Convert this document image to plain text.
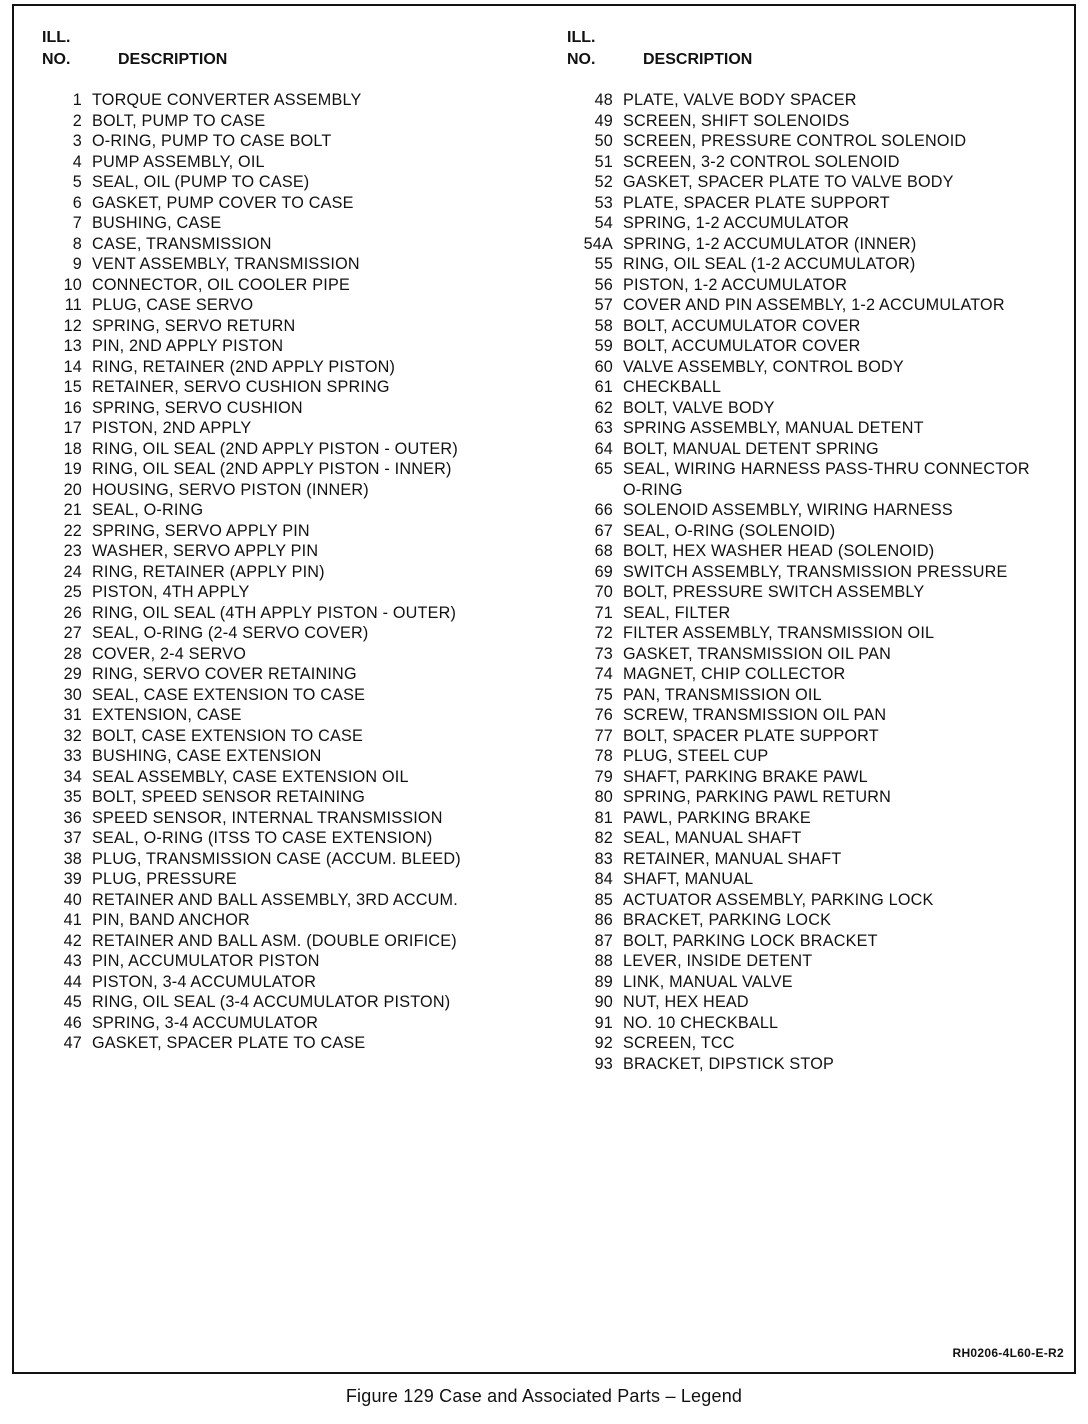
ILL.
NO.	DESCRIPTION
1 TORQUE CONVERTER ASSEMBLY
2 BOLT, PUMP TO CASE
3 O-RING, PUMP TO CASE BOLT
4 PUMP ASSEMBLY, OIL
5 SEAL, OIL (PUMP TO CASE)
6 GASKET, PUMP COVER TO CASE
7 BUSHING, CASE
8 CASE, TRANSMISSION
9 VENT ASSEMBLY, TRANSMISSION
10 CONNECTOR, OIL COOLER PIPE
11 PLUG, CASE SERVO
12 SPRING, SERVO RETURN
13 PIN, 2ND APPLY PISTON
14 RING, RETAINER (2ND APPLY PISTON)
15 RETAINER, SERVO CUSHION SPRING
16 SPRING, SERVO CUSHION
17 PISTON, 2ND APPLY
18 RING, OIL SEAL (2ND APPLY PISTON - OUTER)
19 RING, OIL SEAL (2ND APPLY PISTON - INNER)
20 HOUSING, SERVO PISTON (INNER)
21 SEAL, O-RING
22 SPRING, SERVO APPLY PIN
23 WASHER, SERVO APPLY PIN
24 RING, RETAINER (APPLY PIN)
25 PISTON, 4TH APPLY
26 RING, OIL SEAL (4TH APPLY PISTON - OUTER)
27 SEAL, O-RING (2-4 SERVO COVER)
28 COVER, 2-4 SERVO
29 RING, SERVO COVER RETAINING
30 SEAL, CASE EXTENSION TO CASE
31 EXTENSION, CASE
32 BOLT, CASE EXTENSION TO CASE
33 BUSHING, CASE EXTENSION
34 SEAL ASSEMBLY, CASE EXTENSION OIL
35 BOLT, SPEED SENSOR RETAINING
36 SPEED SENSOR, INTERNAL TRANSMISSION
37 SEAL, O-RING (ITSS TO CASE EXTENSION)
38 PLUG, TRANSMISSION CASE (ACCUM. BLEED)
39 PLUG, PRESSURE
40 RETAINER AND BALL ASSEMBLY, 3RD ACCUM.
41 PIN, BAND ANCHOR
42 RETAINER AND BALL ASM. (DOUBLE ORIFICE)
43 PIN, ACCUMULATOR PISTON
44 PISTON, 3-4 ACCUMULATOR
45 RING, OIL SEAL (3-4 ACCUMULATOR PISTON)
46 SPRING, 3-4 ACCUMULATOR
47 GASKET, SPACER PLATE TO CASE
ILL.
NO.	DESCRIPTION
48 PLATE, VALVE BODY SPACER
49 SCREEN, SHIFT SOLENOIDS
50 SCREEN, PRESSURE CONTROL SOLENOID
51 SCREEN, 3-2 CONTROL SOLENOID
52 GASKET, SPACER PLATE TO VALVE BODY
53 PLATE, SPACER PLATE SUPPORT
54 SPRING, 1-2 ACCUMULATOR
54A SPRING, 1-2 ACCUMULATOR (INNER)
55 RING, OIL SEAL (1-2 ACCUMULATOR)
56 PISTON, 1-2 ACCUMULATOR
57 COVER AND PIN ASSEMBLY, 1-2 ACCUMULATOR
58 BOLT, ACCUMULATOR COVER
59 BOLT, ACCUMULATOR COVER
60 VALVE ASSEMBLY, CONTROL BODY
61 CHECKBALL
62 BOLT, VALVE BODY
63 SPRING ASSEMBLY, MANUAL DETENT
64 BOLT, MANUAL DETENT SPRING
65 SEAL, WIRING HARNESS PASS-THRU CONNECTOR O-RING
66 SOLENOID ASSEMBLY, WIRING HARNESS
67 SEAL, O-RING (SOLENOID)
68 BOLT, HEX WASHER HEAD (SOLENOID)
69 SWITCH ASSEMBLY, TRANSMISSION PRESSURE
70 BOLT, PRESSURE SWITCH ASSEMBLY
71 SEAL, FILTER
72 FILTER ASSEMBLY, TRANSMISSION OIL
73 GASKET, TRANSMISSION OIL PAN
74 MAGNET, CHIP COLLECTOR
75 PAN, TRANSMISSION OIL
76 SCREW, TRANSMISSION OIL PAN
77 BOLT, SPACER PLATE SUPPORT
78 PLUG, STEEL CUP
79 SHAFT, PARKING BRAKE PAWL
80 SPRING, PARKING PAWL RETURN
81 PAWL, PARKING BRAKE
82 SEAL, MANUAL SHAFT
83 RETAINER, MANUAL SHAFT
84 SHAFT, MANUAL
85 ACTUATOR ASSEMBLY, PARKING LOCK
86 BRACKET, PARKING LOCK
87 BOLT, PARKING LOCK BRACKET
88 LEVER, INSIDE DETENT
89 LINK, MANUAL VALVE
90 NUT, HEX HEAD
91 NO. 10 CHECKBALL
92 SCREEN, TCC
93 BRACKET, DIPSTICK STOP
RH0206-4L60-E-R2
Figure 129 Case and Associated Parts – Legend
